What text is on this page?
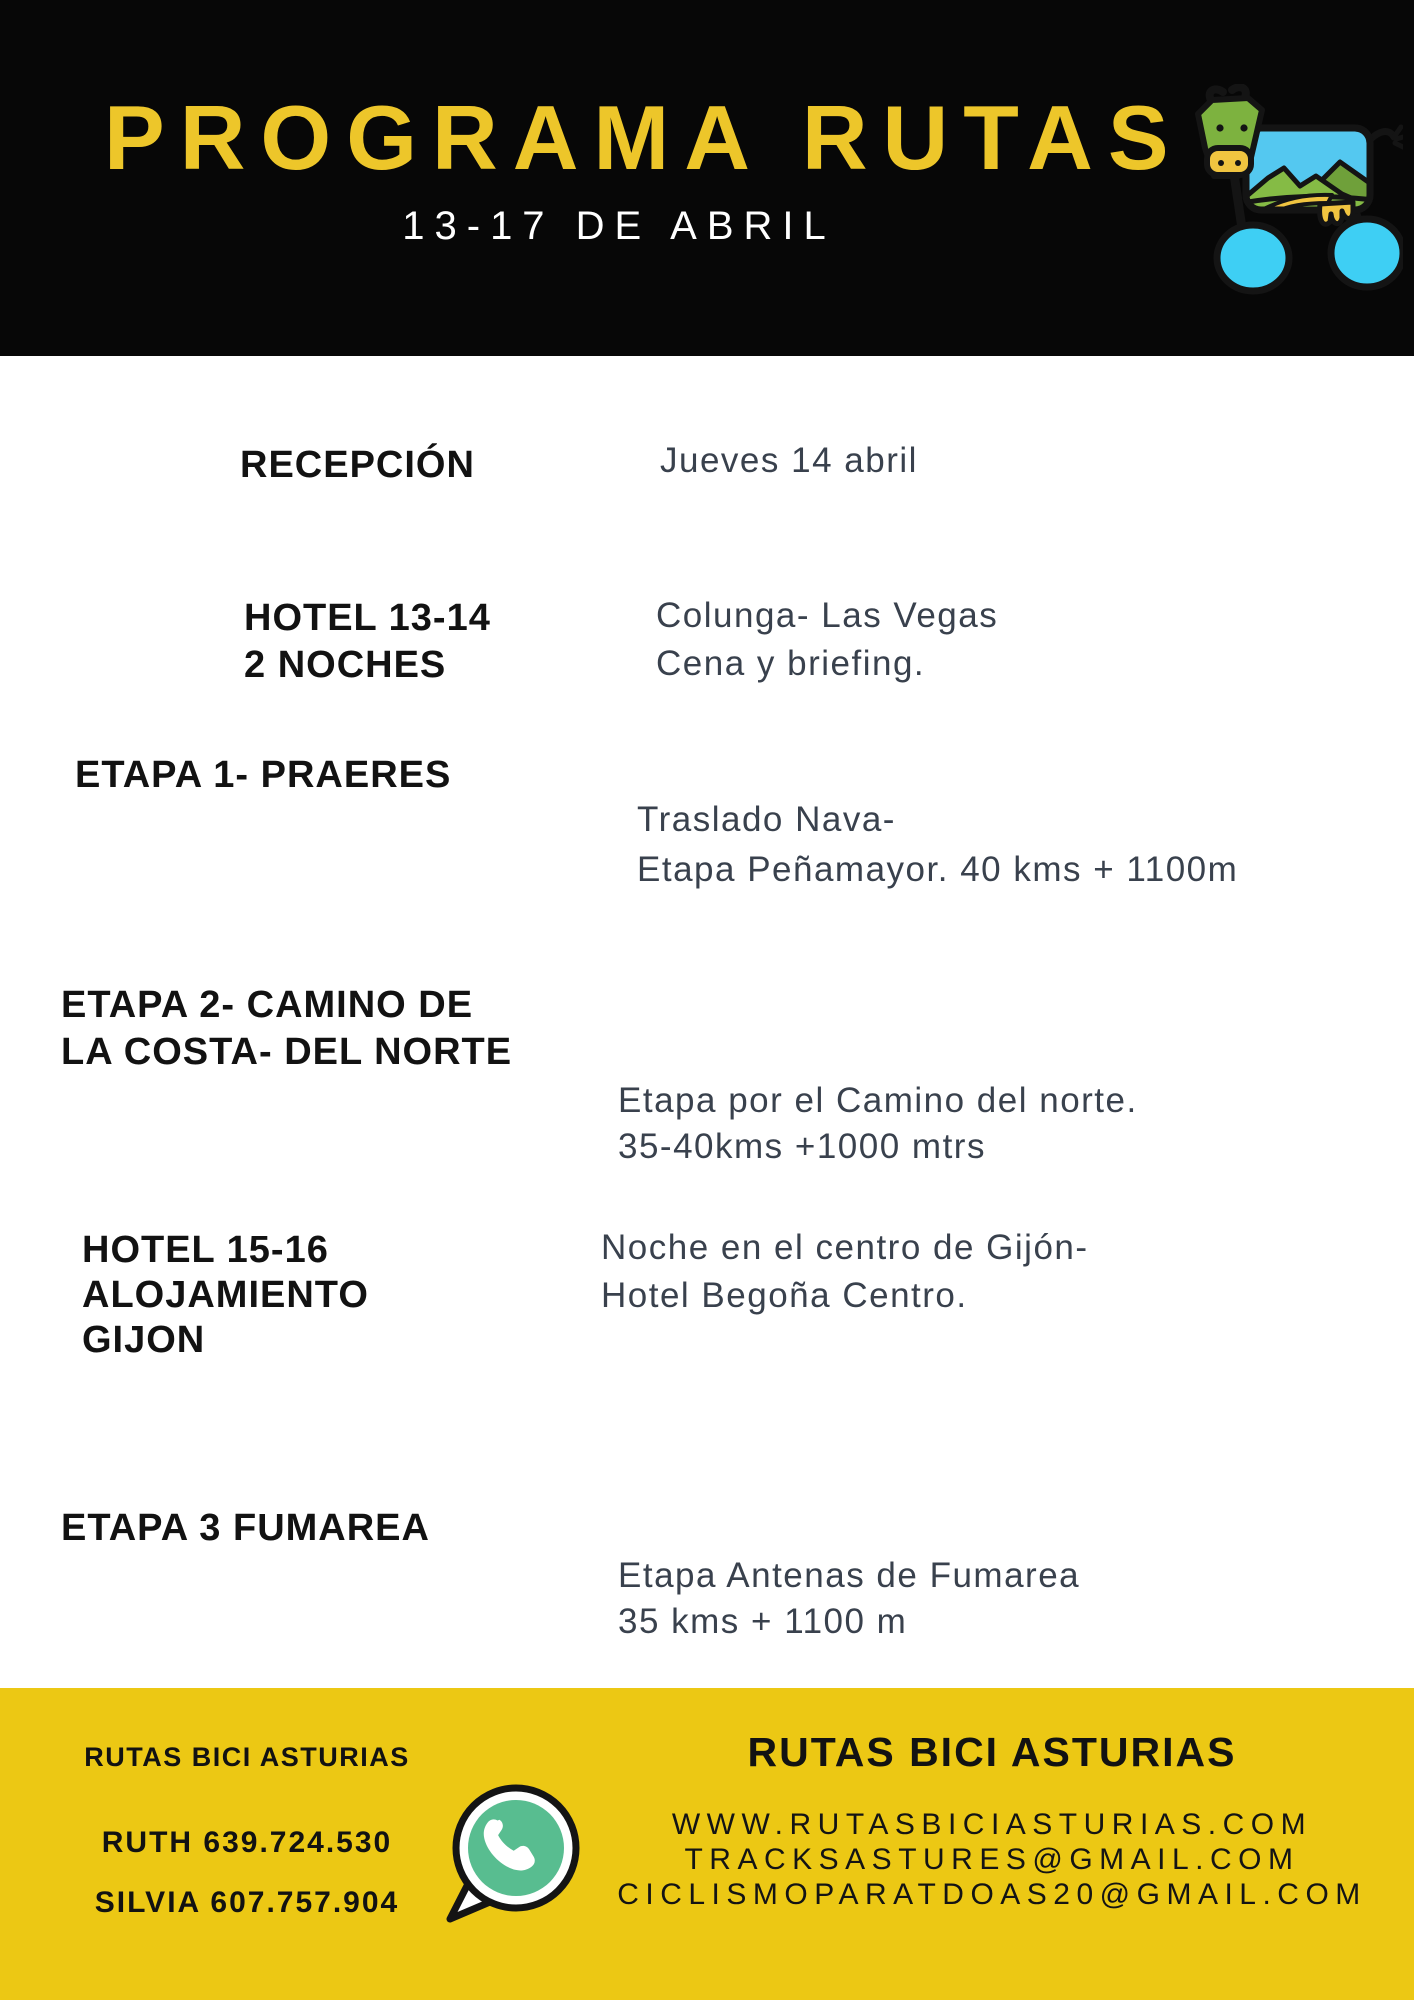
PROGRAMA RUTAS
13-17 DE ABRIL
RECEPCIÓN	Jueves 14 abril
HOTEL 13-14
2 NOCHES
Colunga- Las Vegas
Cena y briefing.
ETAPA 1- PRAERES
Traslado Nava-
Etapa Peñamayor. 40 kms + 1100m
ETAPA 2- CAMINO DE
LA COSTA- DEL NORTE
Etapa por el Camino del norte.
35-40kms +1000 mtrs
HOTEL 15-16
ALOJAMIENTO
GIJON
Noche en el centro de Gijón-
Hotel Begoña Centro.
ETAPA 3 FUMAREA
Etapa Antenas de Fumarea
35 kms + 1100 m
RUTAS BICI ASTURIAS
RUTH 639.724.530
SILVIA 607.757.904
RUTAS BICI ASTURIAS
WWW.RUTASBICIASTURIAS.COM
TRACKSASTURES@GMAIL.COM
CICLISMOPARATDOAS20@GMAIL.COM
